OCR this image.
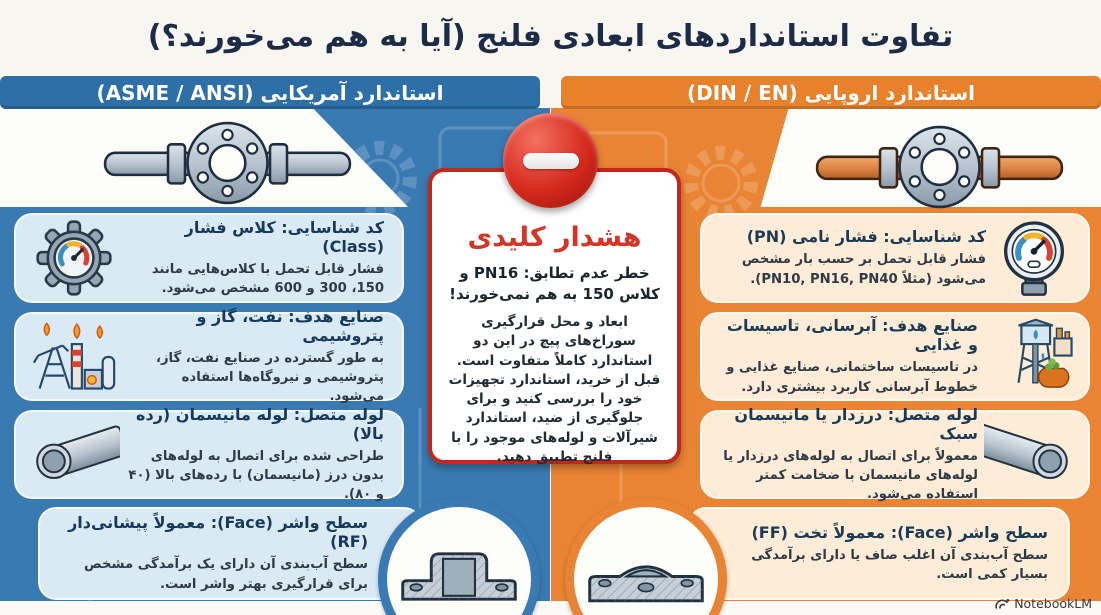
تفاوت استانداردهای ابعادی فلنج (آیا به هم می‌خورند؟)
استاندارد آمریکایی (ASME / ANSI)	استاندارد اروپایی (DIN / EN)
کد شناسایی: کلاس فشار (Class)
فشار قابل تحمل با کلاس‌هایی مانند 150، 300 و 600 مشخص می‌شود.
صنایع هدف: نفت، گاز و پتروشیمی
به طور گسترده در صنایع نفت، گاز، پتروشیمی و نیروگاه‌ها استفاده می‌شود.
لوله متصل: لوله مانیسمان (رده بالا)
طراحی شده برای اتصال به لوله‌های بدون درز (مانیسمان) با رده‌های بالا (۴۰ و ۸۰).
سطح واشر (Face): معمولاً پیشانی‌دار (RF)
سطح آب‌بندی آن دارای یک برآمدگی مشخص برای قرارگیری بهتر واشر است.
کد شناسایی: فشار نامی (PN)
فشار قابل تحمل بر حسب بار مشخص می‌شود (مثلاً PN10, PN16, PN40).
صنایع هدف: آبرسانی، تاسیسات و غذایی
در تاسیسات ساختمانی، صنایع غذایی و خطوط آبرسانی کاربرد بیشتری دارد.
لوله متصل: درزدار یا مانیسمان سبک
معمولاً برای اتصال به لوله‌های درزدار یا لوله‌های مانیسمان با ضخامت کمتر استفاده می‌شود.
سطح واشر (Face): معمولاً تخت (FF)
سطح آب‌بندی آن اغلب صاف یا دارای برآمدگی بسیار کمی است.
هشدار کلیدی
خطر عدم تطابق: PN16 و کلاس 150 به هم نمی‌خورند!
ابعاد و محل قرارگیری سوراخ‌های پیچ در این دو استاندارد کاملاً متفاوت است. قبل از خرید، استاندارد تجهیزات خود را بررسی کنید و برای جلوگیری از ضید، استاندارد شیرآلات و لوله‌های موجود را با فلنج تطبیق دهید.
NotebookLM
